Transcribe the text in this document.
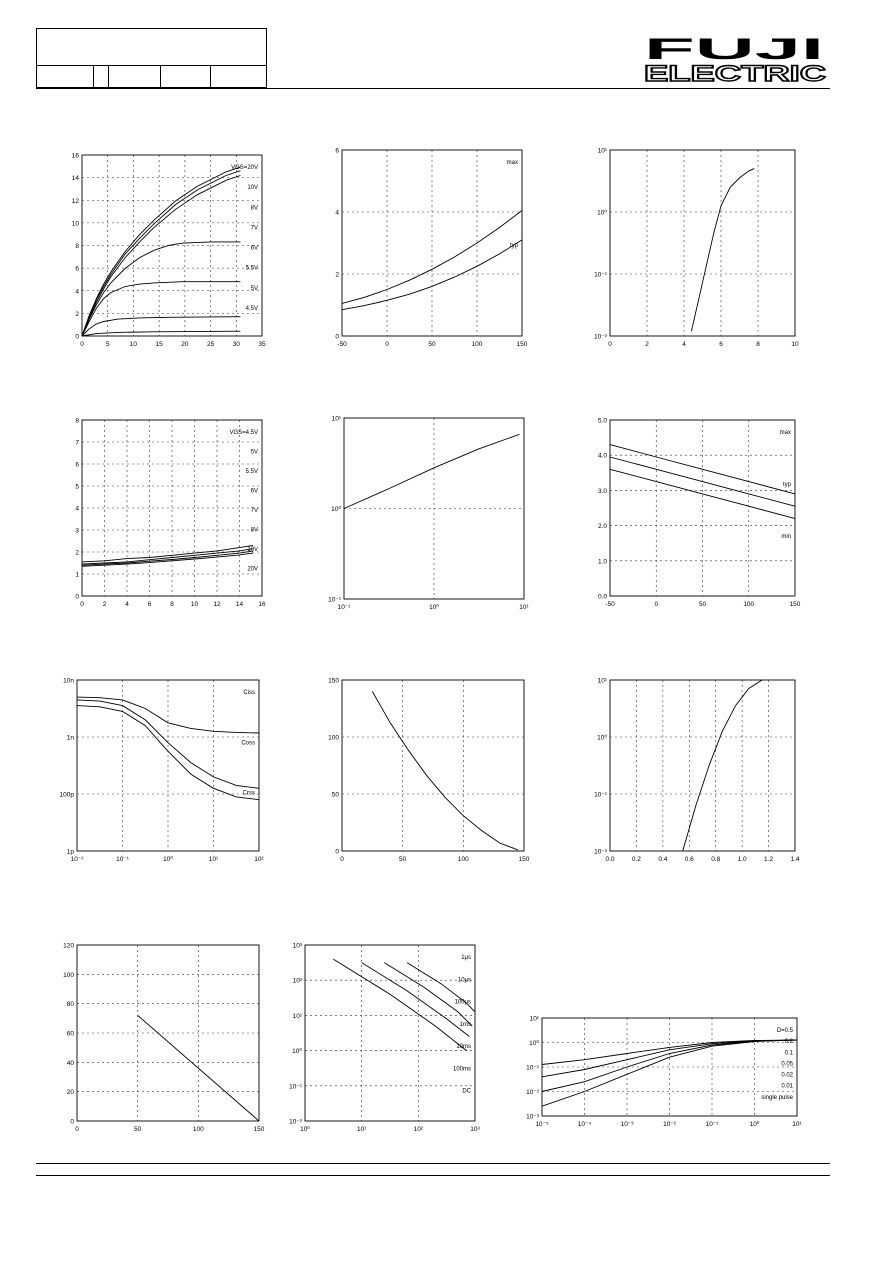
FUJI
ELECTRIC
0	5	10	15	20	25	30	35
0
2
4
6
8
10
12
14
16
VGS=20V
10V
8V
7V
6V
5.5V
5V
4.5V
-50	0	50	100	150
0
2
4
6
max
typ
0	2	4	6	8	10
10⁻²
10⁻¹
10⁰
10¹
0	2	4	6	8	10 12 14 16
0
1
2
3
4
5
6
7
8
VGS=4.5V
5V
5.5V
6V
7V
8V
10V
20V
10⁻¹	10⁰	10¹
10⁻¹
10⁰
10¹
-50	0	50	100	150
0.0
1.0
2.0
3.0
4.0
5.0
max
typ
min
10⁻²	10⁻¹	10⁰	10¹	10²
1p
100p
1n
10n
Ciss
Coss
Crss
0	50	100	150
0
50
100
150
0.0	0.2	0.4	0.6	0.8	1.0	1.2	1.4
10⁻²
10⁻¹
10⁰
10¹
0	50	100	150
0
20
40
60
80
100
120
10⁰	10¹	10²	10³
10⁻²
10⁻¹
10⁰
10¹
10²
10³
1μs
10μs
100μs
1ms
10ms
100ms
DC
10⁻⁵	10⁻⁴	10⁻³	10⁻²	10⁻¹	10⁰	10¹
10⁻³
10⁻²
10⁻¹
10⁰
10¹
D=0.5
0.2
0.1
0.05
0.02
0.01
single pulse
